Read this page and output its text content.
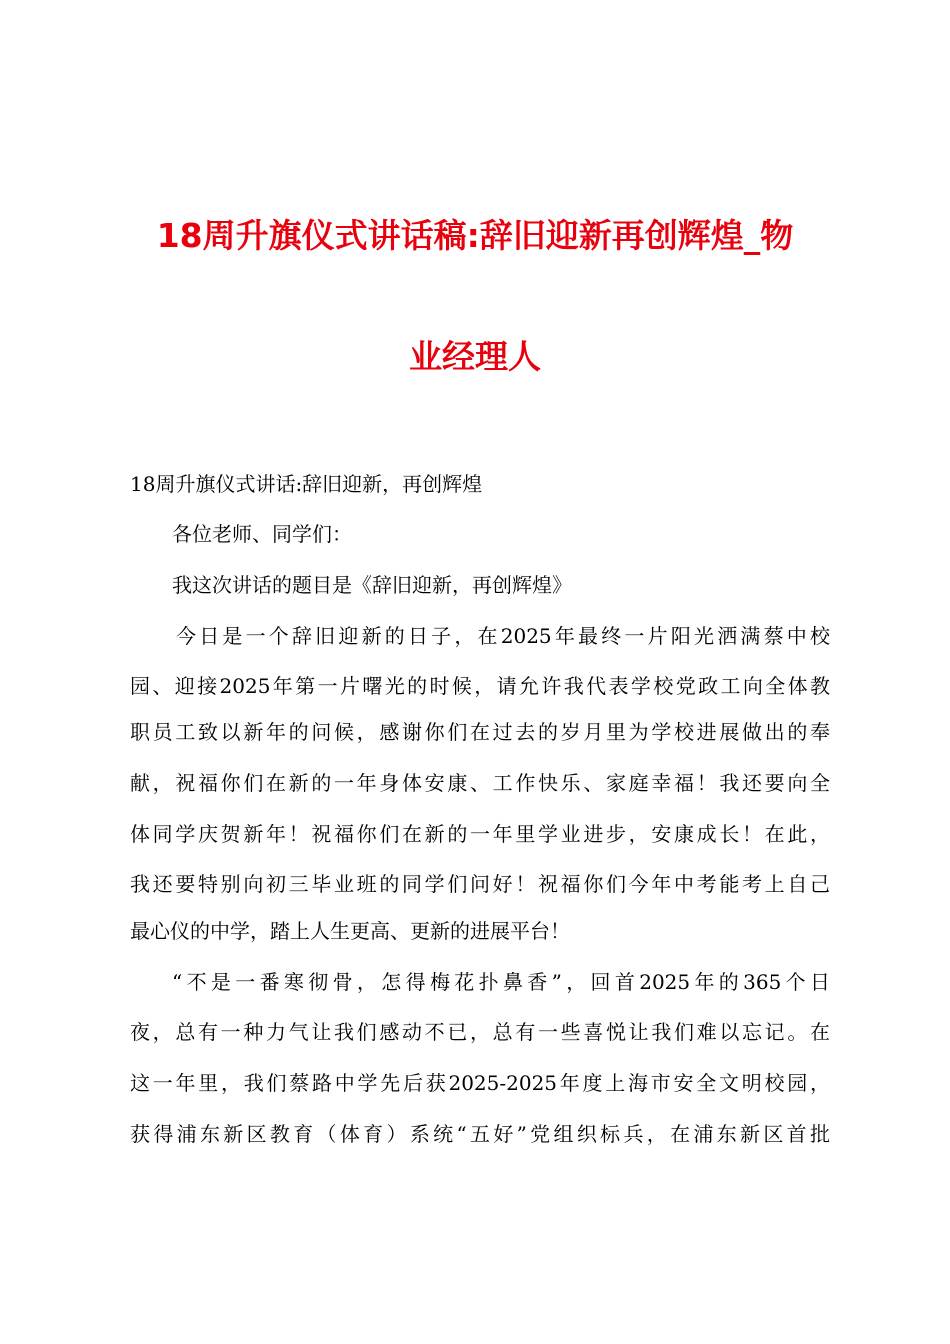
18周升旗仪式讲话稿:辞旧迎新再创辉煌_物
业经理人
18周升旗仪式讲话:辞旧迎新，再创辉煌
各位老师、同学们：
我这次讲话的题目是《辞旧迎新，再创辉煌》
今日是一个辞旧迎新的日子，在2025年最终一片阳光洒满蔡中校
园、迎接2025年第一片曙光的时候，请允许我代表学校党政工向全体教
职员工致以新年的问候，感谢你们在过去的岁月里为学校进展做出的奉
献，祝福你们在新的一年身体安康、工作快乐、家庭幸福！我还要向全
体同学庆贺新年！祝福你们在新的一年里学业进步，安康成长！在此，
我还要特别向初三毕业班的同学们问好！祝福你们今年中考能考上自己
最心仪的中学，踏上人生更高、更新的进展平台！
“不是一番寒彻骨，怎得梅花扑鼻香”，回首2025年的365个日
夜，总有一种力气让我们感动不已，总有一些喜悦让我们难以忘记。在
这一年里，我们蔡路中学先后获2025-2025年度上海市安全文明校园，
获得浦东新区教育（体育）系统“五好”党组织标兵，在浦东新区首批
